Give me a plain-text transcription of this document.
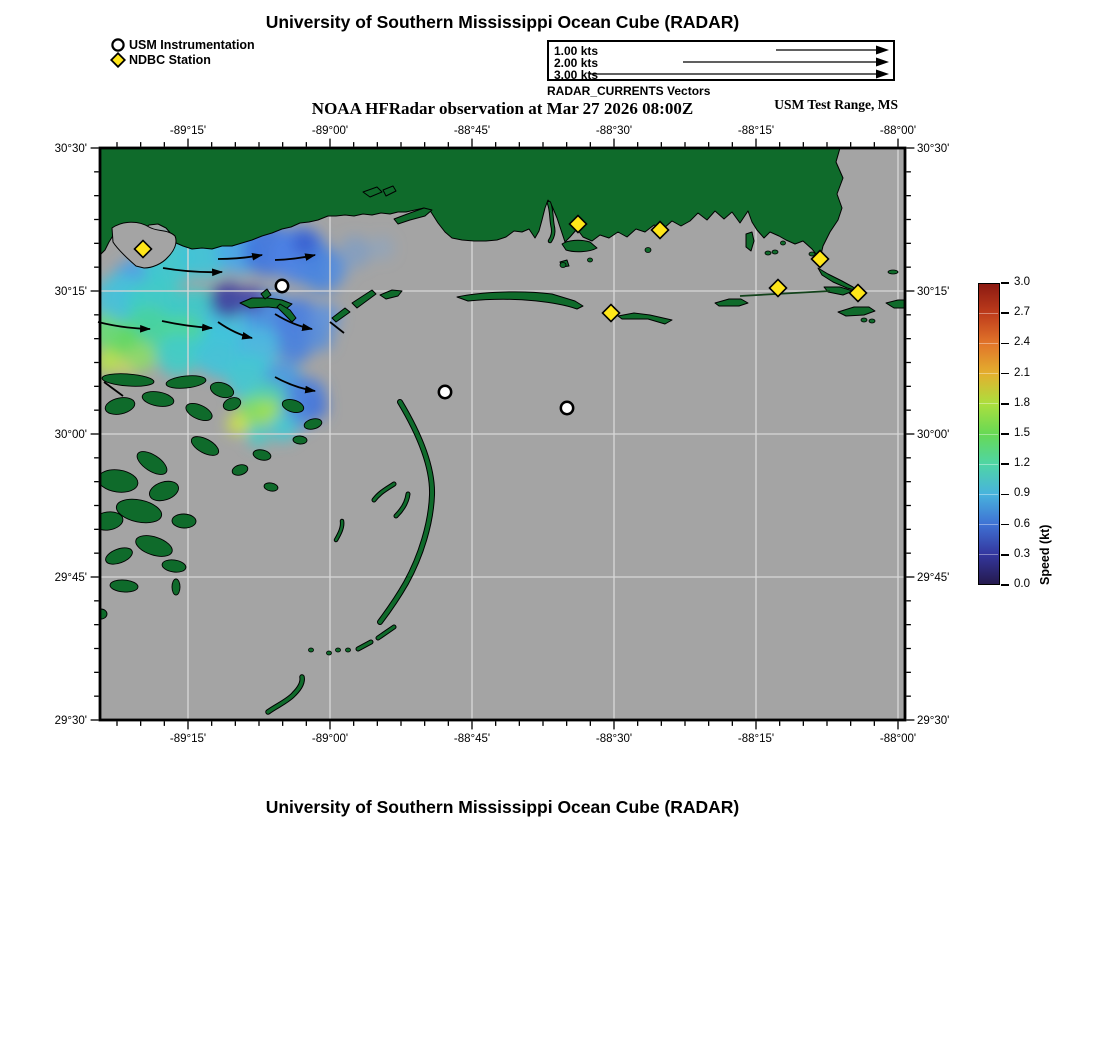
University of Southern Mississippi Ocean Cube (RADAR)
USM Instrumentation
NDBC Station
1.00 kts
2.00 kts
3.00 kts
RADAR_CURRENTS Vectors
NOAA HFRadar observation at Mar 27 2026 08:00Z	USM Test Range, MS
-89°15'
-89°15'
-89°00'
-89°00'
-88°45'
-88°45'
-88°30'
-88°30'
-88°15'
-88°15'
-88°00'
-88°00'
30°30'	30°30'
30°15'	30°15'
30°00'	30°00'
29°45'	29°45'
29°30'	29°30'
Speed (kt)
3.0
2.7
2.4
2.1
1.8
1.5
1.2
0.9
0.6
0.3
0.0
University of Southern Mississippi Ocean Cube (RADAR)
